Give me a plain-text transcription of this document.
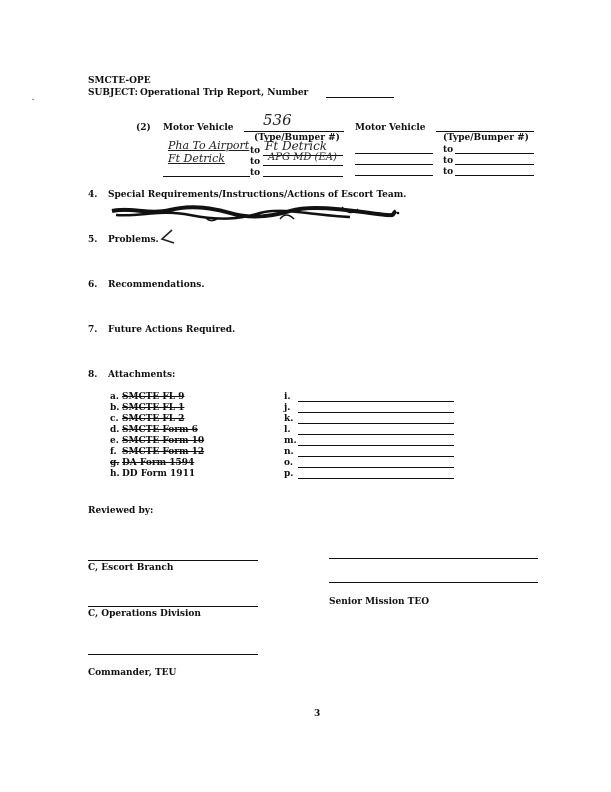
SMCTE-OPE
SUBJECT: Operational Trip Report, Number
.
(2) Motor Vehicle 536
(Type/Bumper #)
Motor Vehicle
(Type/Bumper #)
Pha To Airport to Ft Detrick
Ft Detrick	to APG MD (EA)
to
to
to
to
4. Special Requirements/Instructions/Actions of Escort Team.
5. Problems.
6. Recommendations.
7. Future Actions Required.
8. Attachments:
a. SMCTE FL 9
b. SMCTE FL 1
c. SMCTE FL 2
d. SMCTE Form 6
e. SMCTE Form 10
f. SMCTE Form 12
g. DA Form 1594
h. DD Form 1911
i.
j.
k.
l.
m.
n.
o.
p.
Reviewed by:
C, Escort Branch
C, Operations Division
Commander, TEU
Senior Mission TEO
3
